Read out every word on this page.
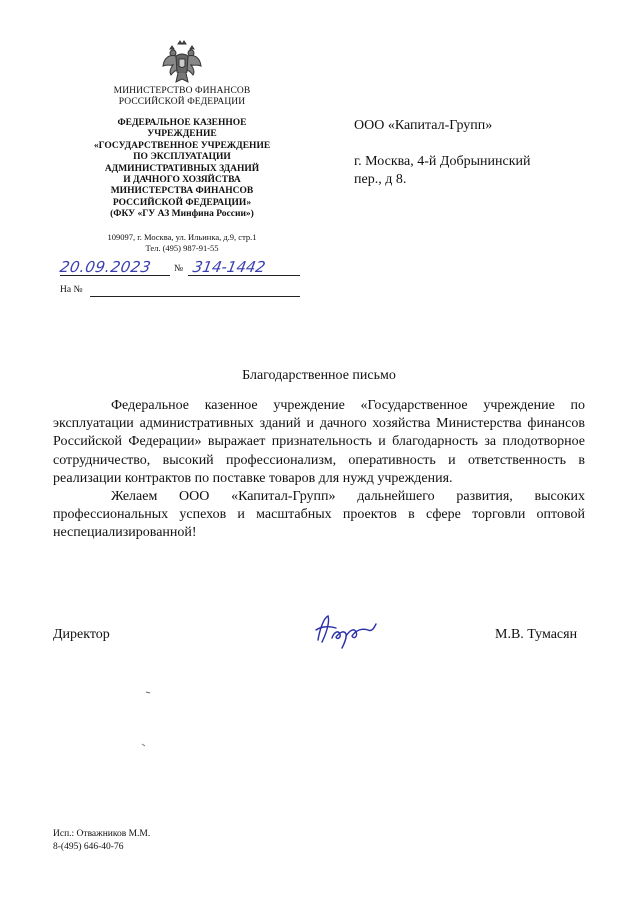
МИНИСТЕРСТВО ФИНАНСОВ
РОССИЙСКОЙ ФЕДЕРАЦИИ
ФЕДЕРАЛЬНОЕ КАЗЕННОЕ
УЧРЕЖДЕНИЕ
«ГОСУДАРСТВЕННОЕ УЧРЕЖДЕНИЕ
ПО ЭКСПЛУАТАЦИИ
АДМИНИСТРАТИВНЫХ ЗДАНИЙ
И ДАЧНОГО ХОЗЯЙСТВА
МИНИСТЕРСТВА ФИНАНСОВ
РОССИЙСКОЙ ФЕДЕРАЦИИ»
(ФКУ «ГУ АЗ Минфина России»)
109097, г. Москва, ул. Ильинка, д.9, стр.1
Тел. (495) 987-91-55
20.09.2023	№ 314-1442
На №
ООО «Капитал-Групп»
г. Москва, 4-й Добрынинский
пер., д 8.
Благодарственное письмо

Федеральное казенное учреждение «Государственное учреждение по эксплуатации административных зданий и дачного хозяйства Министерства финансов Российской Федерации» выражает признательность и благодарность за плодотворное сотрудничество, высокий профессионализм, оперативность и ответственность в реализации контрактов по поставке товаров для нужд учреждения.

Желаем ООО «Капитал-Групп» дальнейшего развития, высоких профессиональных успехов и масштабных проектов в сфере торговли оптовой неспециализированной!

Директор	М.В. Тумасян
Исп.: Отважников М.М.
8-(495) 646-40-76
